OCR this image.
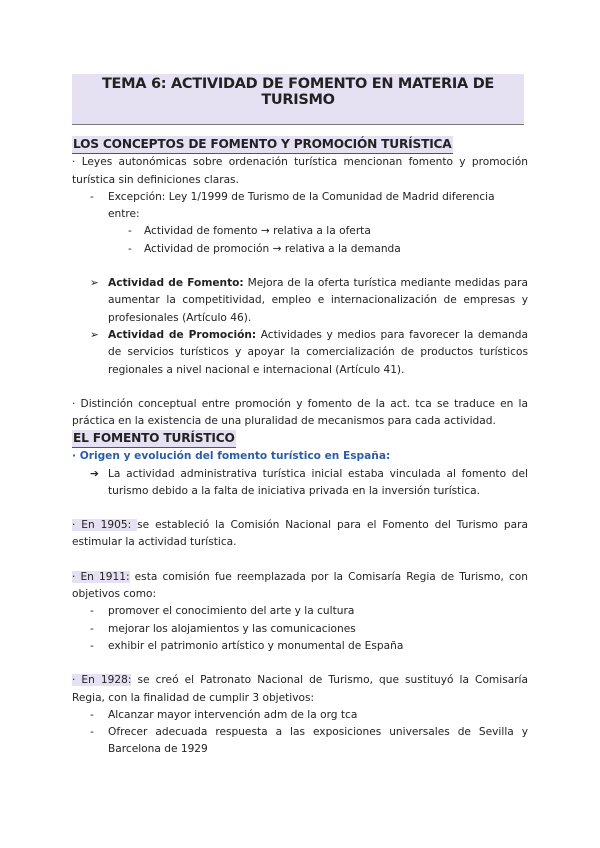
TEMA 6: ACTIVIDAD DE FOMENTO EN MATERIA DE TURISMO
LOS CONCEPTOS DE FOMENTO Y PROMOCIÓN TURÍSTICA
· Leyes autonómicas sobre ordenación turística mencionan fomento y promoción turística sin definiciones claras.
- Excepción: Ley 1/1999 de Turismo de la Comunidad de Madrid diferencia entre:
- Actividad de fomento → relativa a la oferta
- Actividad de promoción → relativa a la demanda
➢ Actividad de Fomento: Mejora de la oferta turística mediante medidas para aumentar la competitividad, empleo e internacionalización de empresas y profesionales (Artículo 46).
➢ Actividad de Promoción: Actividades y medios para favorecer la demanda de servicios turísticos y apoyar la comercialización de productos turísticos regionales a nivel nacional e internacional (Artículo 41).
· Distinción conceptual entre promoción y fomento de la act. tca se traduce en la práctica en la existencia de una pluralidad de mecanismos para cada actividad.
EL FOMENTO TURÍSTICO
· Origen y evolución del fomento turístico en España:
➔ La actividad administrativa turística inicial estaba vinculada al fomento del turismo debido a la falta de iniciativa privada en la inversión turística.
· En 1905: se estableció la Comisión Nacional para el Fomento del Turismo para estimular la actividad turística.
· En 1911: esta comisión fue reemplazada por la Comisaría Regia de Turismo, con objetivos como:
- promover el conocimiento del arte y la cultura
- mejorar los alojamientos y las comunicaciones
- exhibir el patrimonio artístico y monumental de España
· En 1928: se creó el Patronato Nacional de Turismo, que sustituyó la Comisaría Regia, con la finalidad de cumplir 3 objetivos:
- Alcanzar mayor intervención adm de la org tca
- Ofrecer adecuada respuesta a las exposiciones universales de Sevilla y Barcelona de 1929
